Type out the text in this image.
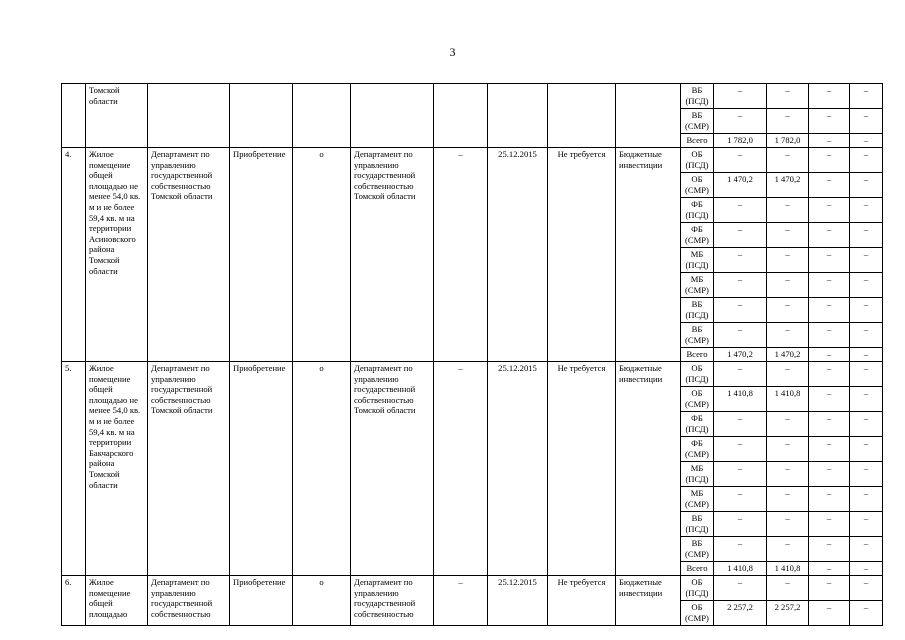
3
	Томской области									ВБ (ПСД)	–	–	–	–
										ВБ (СМР)	–	–	–	–
										Всего	1 782,0	1 782,0	–	–
4.	Жилое помещение общей площадью не менее 54,0 кв. м и не более 59,4 кв. м на территории Асиновского района Томской области	Департамент по управлению государственной собственностью Томской области	Приобретение	о	Департамент по управлению государственной собственностью Томской области	–	25.12.2015	Не требуется	Бюджетные инвестиции	ОБ (ПСД)	–	–	–	–
										ОБ (СМР)	1 470,2	1 470,2	–	–
										ФБ (ПСД)	–	–	–	–
										ФБ (СМР)	–	–	–	–
										МБ (ПСД)	–	–	–	–
										МБ (СМР)	–	–	–	–
										ВБ (ПСД)	–	–	–	–
										ВБ (СМР)	–	–	–	–
										Всего	1 470,2	1 470,2	–	–
5.	Жилое помещение общей площадью не менее 54,0 кв. м и не более 59,4 кв. м на территории Бакчарского района Томской области	Департамент по управлению государственной собственностью Томской области	Приобретение	о	Департамент по управлению государственной собственностью Томской области	–	25.12.2015	Не требуется	Бюджетные инвестиции	ОБ (ПСД)	–	–	–	–
										ОБ (СМР)	1 410,8	1 410,8	–	–
										ФБ (ПСД)	–	–	–	–
										ФБ (СМР)	–	–	–	–
										МБ (ПСД)	–	–	–	–
										МБ (СМР)	–	–	–	–
										ВБ (ПСД)	–	–	–	–
										ВБ (СМР)	–	–	–	–
										Всего	1 410,8	1 410,8	–	–
6.	Жилое помещение общей площадью	Департамент по управлению государственной собственностью	Приобретение	о	Департамент по управлению государственной собственностью	–	25.12.2015	Не требуется	Бюджетные инвестиции	ОБ (ПСД)	–	–	–	–
										ОБ (СМР)	2 257,2	2 257,2	–	–
